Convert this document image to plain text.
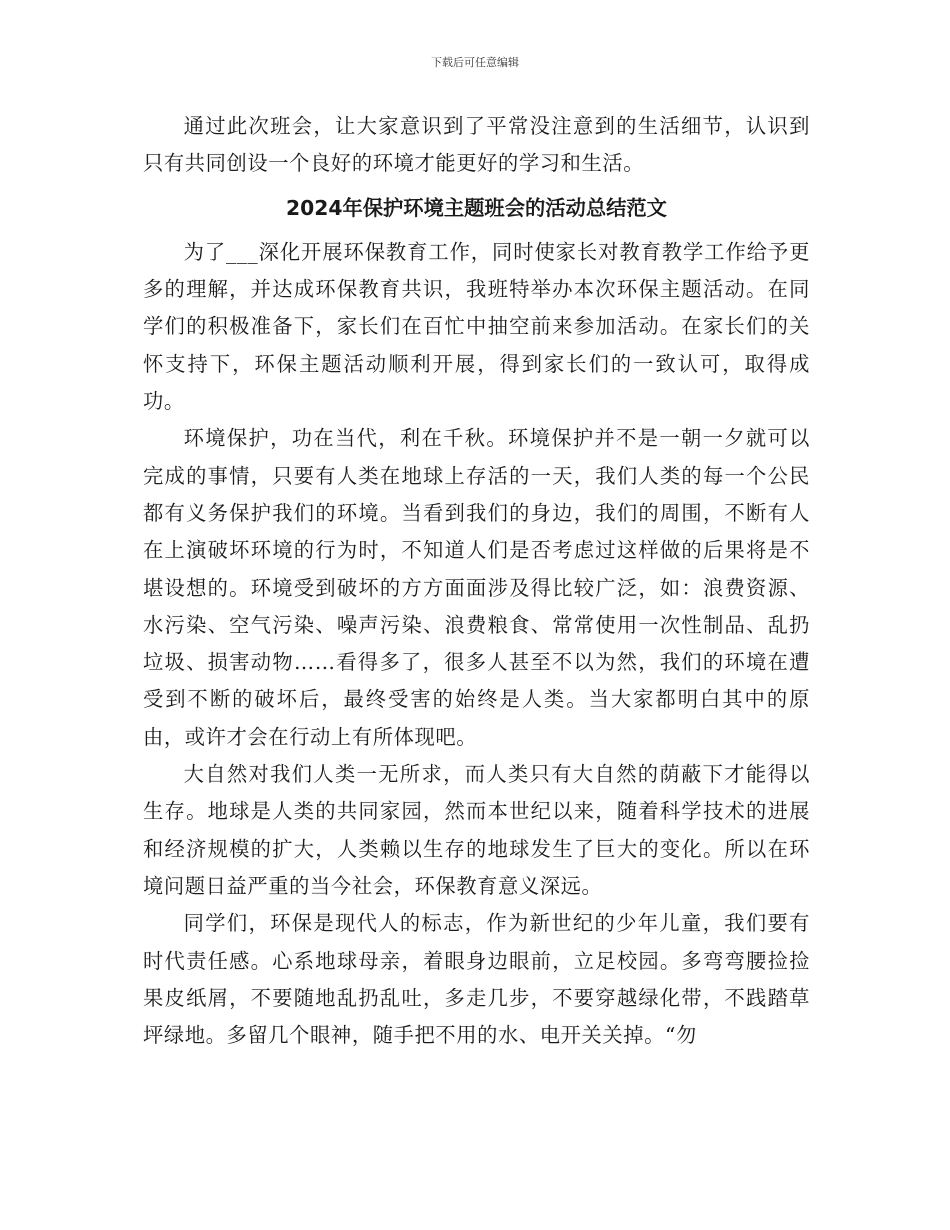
下载后可任意编辑

通过此次班会，让大家意识到了平常没注意到的生活细节，认识到只有共同创设一个良好的环境才能更好的学习和生活。

2024年保护环境主题班会的活动总结范文

为了___深化开展环保教育工作，同时使家长对教育教学工作给予更多的理解，并达成环保教育共识，我班特举办本次环保主题活动。在同学们的积极准备下，家长们在百忙中抽空前来参加活动。在家长们的关怀支持下，环保主题活动顺利开展，得到家长们的一致认可，取得成功。

环境保护，功在当代，利在千秋。环境保护并不是一朝一夕就可以完成的事情，只要有人类在地球上存活的一天，我们人类的每一个公民都有义务保护我们的环境。当看到我们的身边，我们的周围，不断有人在上演破坏环境的行为时，不知道人们是否考虑过这样做的后果将是不堪设想的。环境受到破坏的方方面面涉及得比较广泛，如：浪费资源、水污染、空气污染、噪声污染、浪费粮食、常常使用一次性制品、乱扔垃圾、损害动物……看得多了，很多人甚至不以为然，我们的环境在遭受到不断的破坏后，最终受害的始终是人类。当大家都明白其中的原由，或许才会在行动上有所体现吧。

大自然对我们人类一无所求，而人类只有大自然的荫蔽下才能得以生存。地球是人类的共同家园，然而本世纪以来，随着科学技术的进展和经济规模的扩大，人类赖以生存的地球发生了巨大的变化。所以在环境问题日益严重的当今社会，环保教育意义深远。

同学们，环保是现代人的标志，作为新世纪的少年儿童，我们要有时代责任感。心系地球母亲，着眼身边眼前，立足校园。多弯弯腰捡捡果皮纸屑，不要随地乱扔乱吐，多走几步，不要穿越绿化带，不践踏草坪绿地。多留几个眼神，随手把不用的水、电开关关掉。“勿
